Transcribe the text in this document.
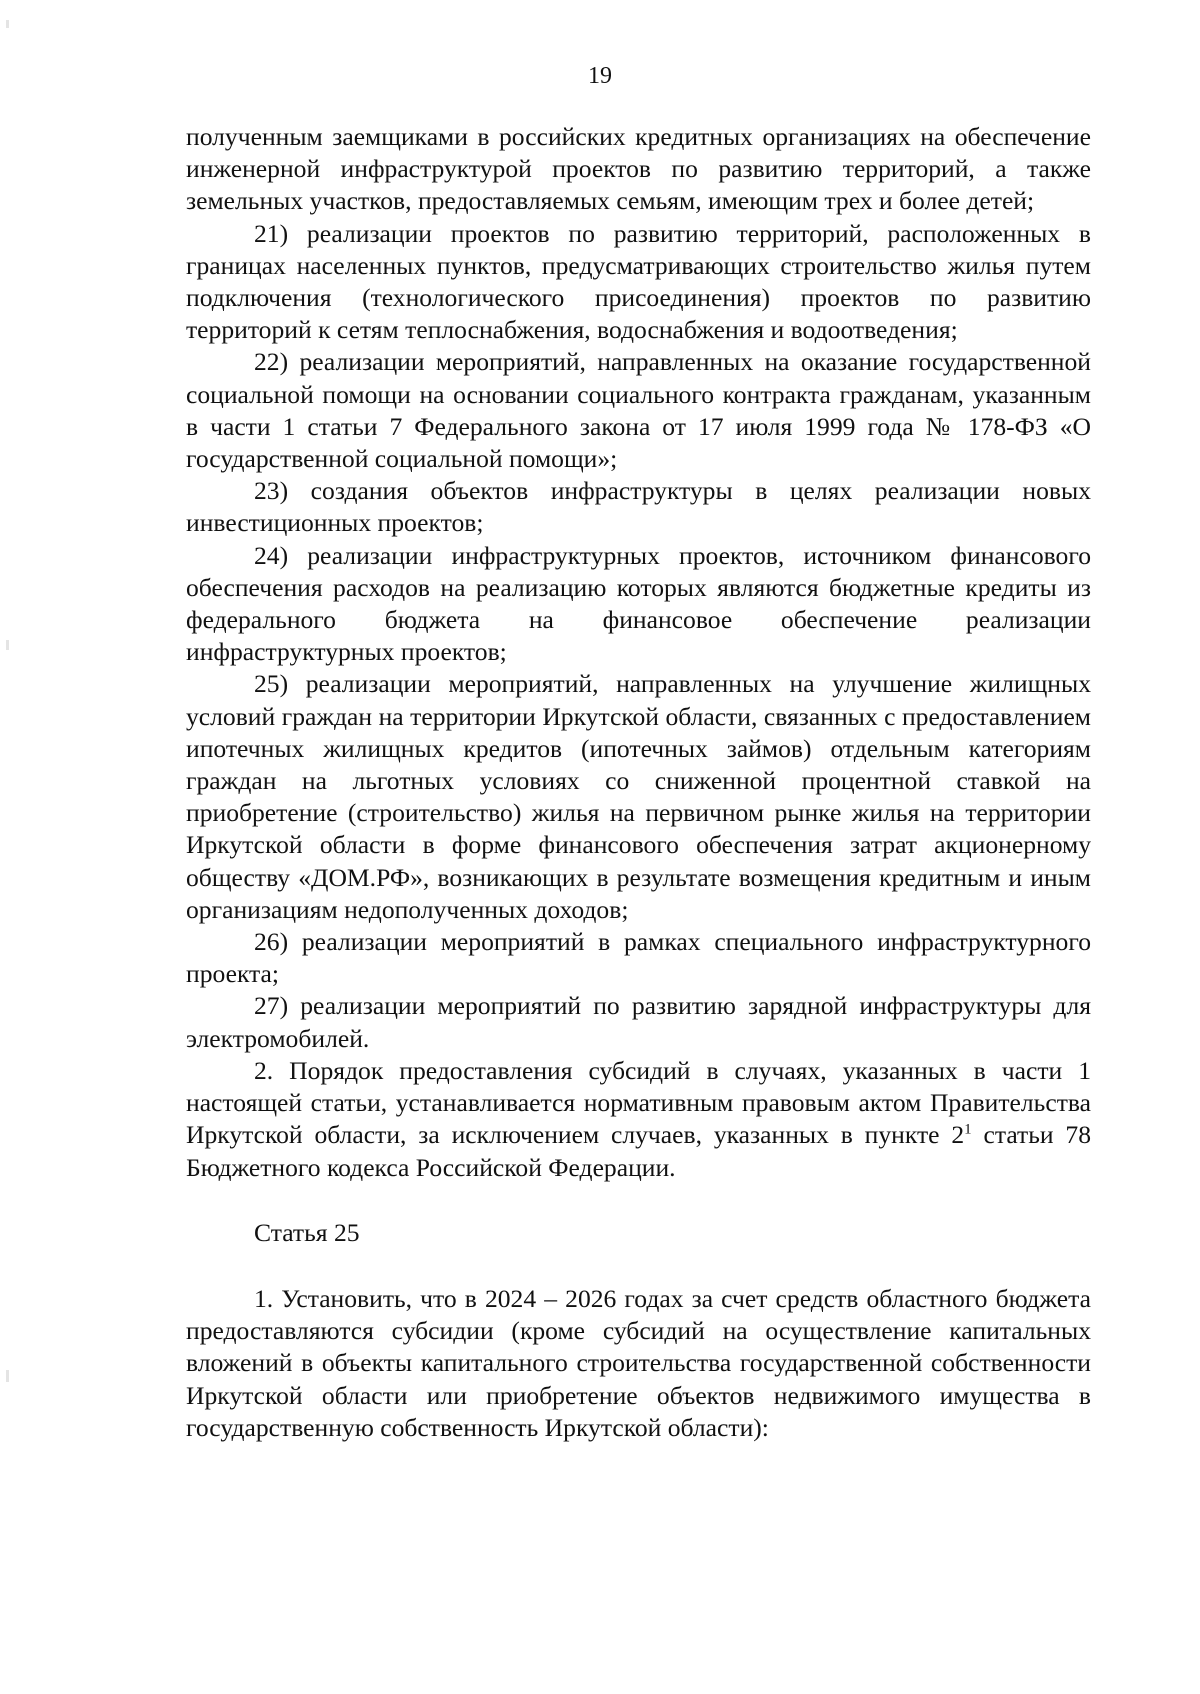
19

полученным заемщиками в российских кредитных организациях на обеспечение инженерной инфраструктурой проектов по развитию территорий, а также земельных участков, предоставляемых семьям, имеющим трех и более детей;

21) реализации проектов по развитию территорий, расположенных в границах населенных пунктов, предусматривающих строительство жилья путем подключения (технологического присоединения) проектов по развитию территорий к сетям теплоснабжения, водоснабжения и водоотведения;

22) реализации мероприятий, направленных на оказание государственной социальной помощи на основании социального контракта гражданам, указанным в части 1 статьи 7 Федерального закона от 17 июля 1999 года № 178-ФЗ «О государственной социальной помощи»;

23) создания объектов инфраструктуры в целях реализации новых инвестиционных проектов;

24) реализации инфраструктурных проектов, источником финансового обеспечения расходов на реализацию которых являются бюджетные кредиты из федерального бюджета на финансовое обеспечение реализации инфраструктурных проектов;

25) реализации мероприятий, направленных на улучшение жилищных условий граждан на территории Иркутской области, связанных с предоставлением ипотечных жилищных кредитов (ипотечных займов) отдельным категориям граждан на льготных условиях со сниженной процентной ставкой на приобретение (строительство) жилья на первичном рынке жилья на территории Иркутской области в форме финансового обеспечения затрат акционерному обществу «ДОМ.РФ», возникающих в результате возмещения кредитным и иным организациям недополученных доходов;

26) реализации мероприятий в рамках специального инфраструктурного проекта;

27) реализации мероприятий по развитию зарядной инфраструктуры для электромобилей.

2. Порядок предоставления субсидий в случаях, указанных в части 1 настоящей статьи, устанавливается нормативным правовым актом Правительства Иркутской области, за исключением случаев, указанных в пункте 2$^1$ статьи 78 Бюджетного кодекса Российской Федерации.

Статья 25

1. Установить, что в 2024 – 2026 годах за счет средств областного бюджета предоставляются субсидии (кроме субсидий на осуществление капитальных вложений в объекты капитального строительства государственной собственности Иркутской области или приобретение объектов недвижимого имущества в государственную собственность Иркутской области):
